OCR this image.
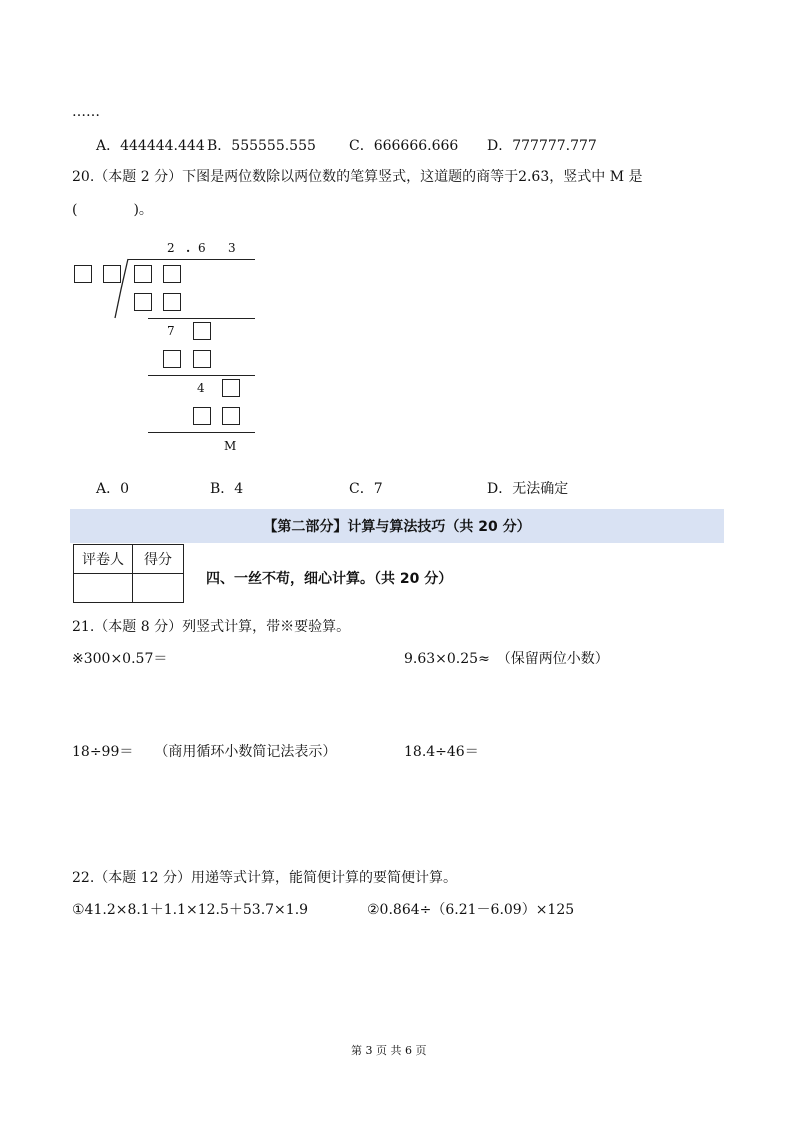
……
A．444444.444 B．555555.555 C．666666.666 D．777777.777
20.（本题 2 分）下图是两位数除以两位数的笔算竖式，这道题的商等于2.6̇3̇，竖式中 M 是
(　　　　)。
2 . 6 3
7
4
M
A．0	B．4	C．7	D．无法确定
【第二部分】计算与算法技巧（共 20 分）
评卷人	得分

四、一丝不苟，细心计算。（共 20 分）
21.（本题 8 分）列竖式计算，带※要验算。
※300×0.57＝	9.63×0.25≈　（保留两位小数）
18÷99＝　　（商用循环小数简记法表示）	18.4÷46＝
22.（本题 12 分）用递等式计算，能简便计算的要简便计算。
①41.2×8.1＋1.1×12.5＋53.7×1.9	②0.864÷（6.21－6.09）×125
第 3 页 共 6 页
